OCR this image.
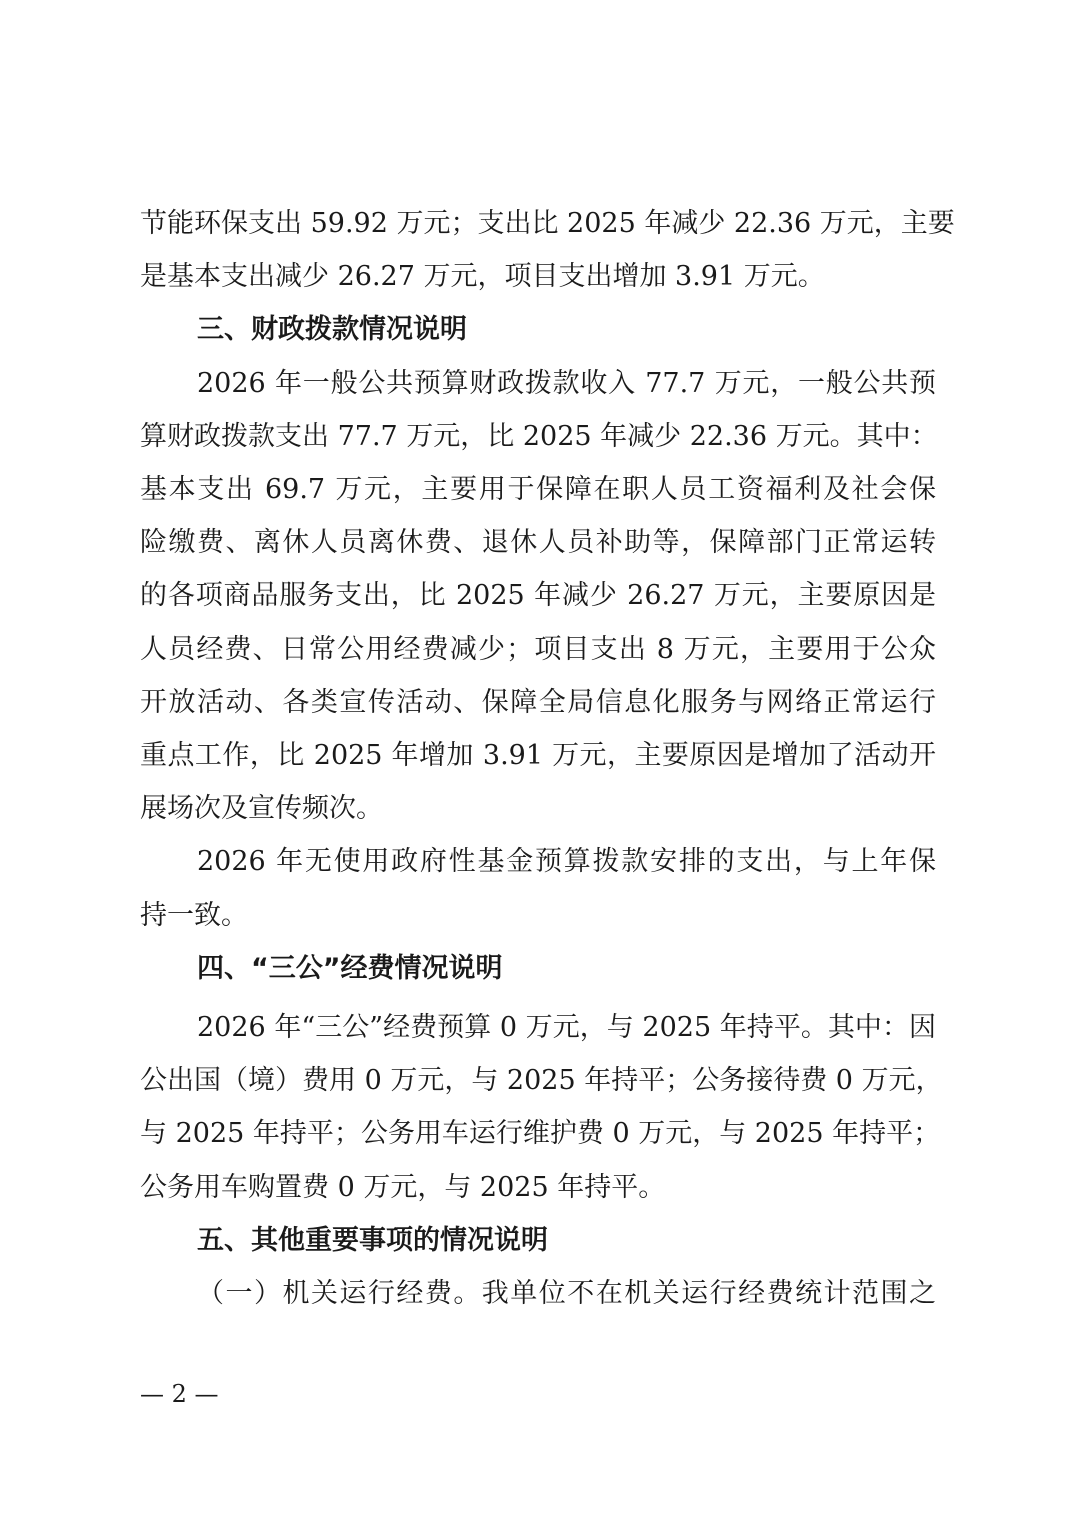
节能环保支出 59.92 万元；支出比 2025 年减少 22.36 万元，主要

是基本支出减少 26.27 万元，项目支出增加 3.91 万元。

三、财政拨款情况说明

2026 年一般公共预算财政拨款收入 77.7 万元，一般公共预

算财政拨款支出 77.7 万元，比 2025 年减少 22.36 万元。其中：

基本支出 69.7 万元，主要用于保障在职人员工资福利及社会保

险缴费、离休人员离休费、退休人员补助等，保障部门正常运转

的各项商品服务支出，比 2025 年减少 26.27 万元，主要原因是

人员经费、日常公用经费减少；项目支出 8 万元，主要用于公众

开放活动、各类宣传活动、保障全局信息化服务与网络正常运行

重点工作，比 2025 年增加 3.91 万元，主要原因是增加了活动开

展场次及宣传频次。

2026 年无使用政府性基金预算拨款安排的支出，与上年保

持一致。

四、“三公”经费情况说明

2026 年“三公”经费预算 0 万元，与 2025 年持平。其中：因

公出国（境）费用 0 万元，与 2025 年持平；公务接待费 0 万元，

与 2025 年持平；公务用车运行维护费 0 万元，与 2025 年持平；

公务用车购置费 0 万元，与 2025 年持平。

五、其他重要事项的情况说明

（一）机关运行经费。我单位不在机关运行经费统计范围之

— 2 —
